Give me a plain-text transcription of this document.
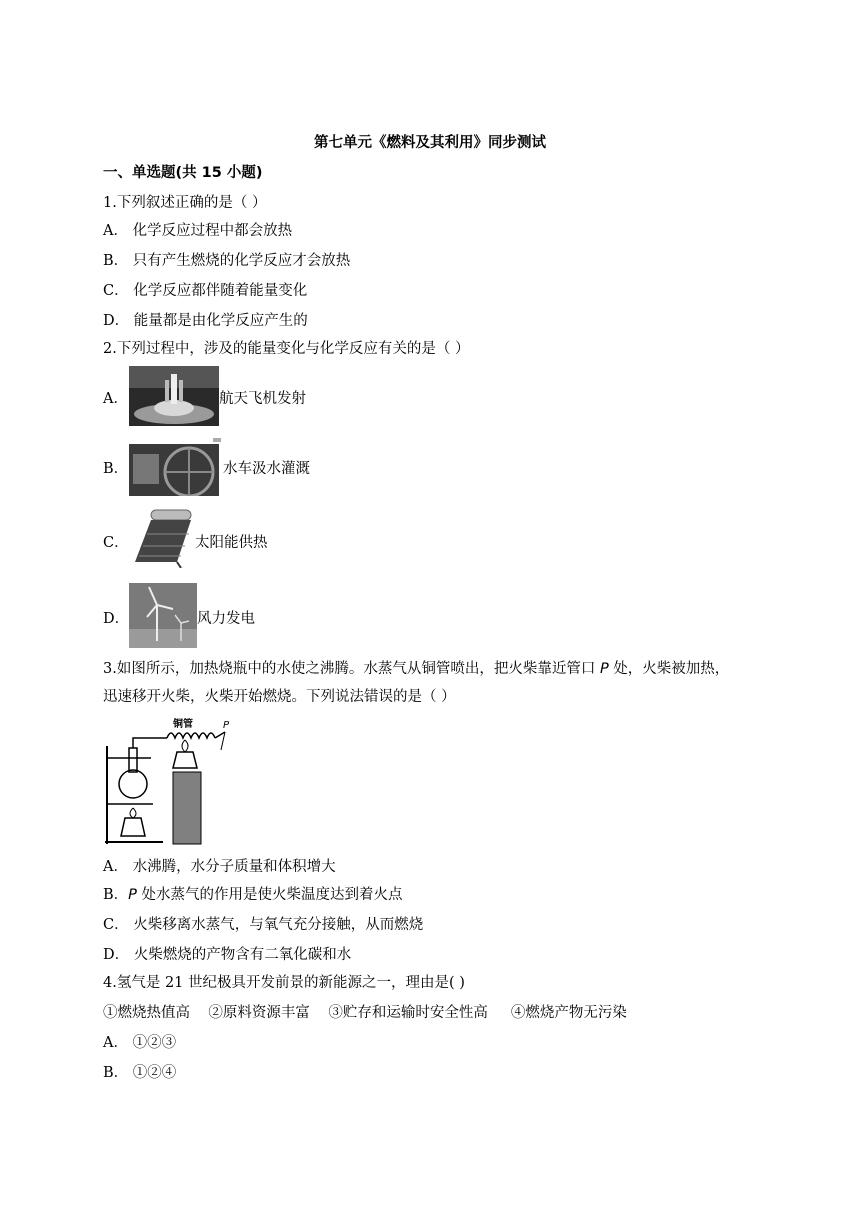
第七单元《燃料及其利用》同步测试
一、单选题(共 15 小题)
1.下列叙述正确的是（ ）
A． 化学反应过程中都会放热
B． 只有产生燃烧的化学反应才会放热
C． 化学反应都伴随着能量变化
D． 能量都是由化学反应产生的
2.下列过程中，涉及的能量变化与化学反应有关的是（ ）
A．	航天飞机发射
B．	水车汲水灌溉
C．	太阳能供热
D．	风力发电
3.如图所示，加热烧瓶中的水使之沸腾。水蒸气从铜管喷出，把火柴靠近管口 P 处，火柴被加热，
迅速移开火柴，火柴开始燃烧。下列说法错误的是（ ）
铜管	P
A． 水沸腾，水分子质量和体积增大
B．P 处水蒸气的作用是使火柴温度达到着火点
C． 火柴移离水蒸气，与氧气充分接触，从而燃烧
D． 火柴燃烧的产物含有二氧化碳和水
4.氢气是 21 世纪极具开发前景的新能源之一，理由是( )
①燃烧热值高    ②原料资源丰富    ③贮存和运输时安全性高     ④燃烧产物无污染
A． ①②③
B． ①②④
